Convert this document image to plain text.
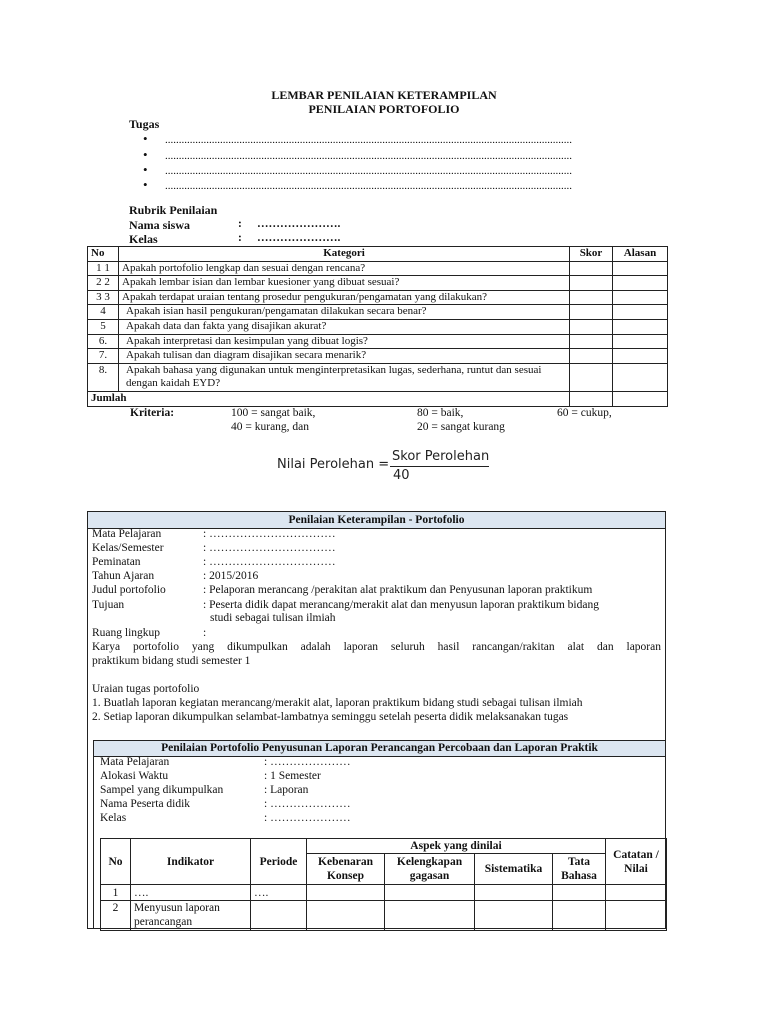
LEMBAR PENILAIAN KETERAMPILAN
PENILAIAN PORTOFOLIO
Tugas
• ....................................................................................................................................................
• ....................................................................................................................................................
• ....................................................................................................................................................
• ....................................................................................................................................................
Rubrik Penilaian
Nama siswa	: ………………….
Kelas	: ………………….
No	Kategori	Skor	Alasan
1 1	Apakah portofolio lengkap dan sesuai dengan rencana?		
2 2	Apakah lembar isian dan lembar kuesioner yang dibuat sesuai?		
3 3	Apakah terdapat uraian tentang prosedur pengukuran/pengamatan yang dilakukan?		
4	Apakah isian hasil pengukuran/pengamatan dilakukan secara benar?		
5	Apakah data dan fakta yang disajikan akurat?		
6.	Apakah interpretasi dan kesimpulan yang dibuat logis?		
7.	Apakah tulisan dan diagram disajikan secara menarik?		
8.	Apakah bahasa yang digunakan untuk menginterpretasikan lugas, sederhana, runtut dan sesuai dengan kaidah EYD?		
Jumlah			
Kriteria:	100 = sangat baik,	80 = baik,	60 = cukup,
40 = kurang, dan	20 = sangat kurang
Nilai Perolehan =
Skor Perolehan
40
Penilaian Keterampilan - Portofolio
Mata Pelajaran	: ……………………………
Kelas/Semester	: ……………………………
Peminatan	: ……………………………
Tahun Ajaran	: 2015/2016
Judul portofolio	: Pelaporan merancang /perakitan alat praktikum dan Penyusunan laporan praktikum
Tujuan	: Peserta didik dapat merancang/merakit alat dan menyusun laporan praktikum bidang
studi sebagai tulisan ilmiah
Ruang lingkup	:
Karya portofolio yang dikumpulkan adalah laporan seluruh hasil rancangan/rakitan alat dan laporan
praktikum bidang studi semester 1
Uraian tugas portofolio
1. Buatlah laporan kegiatan merancang/merakit alat, laporan praktikum bidang studi sebagai tulisan ilmiah
2. Setiap laporan dikumpulkan selambat-lambatnya seminggu setelah peserta didik melaksanakan tugas
Penilaian Portofolio Penyusunan Laporan Perancangan Percobaan dan Laporan Praktik
Mata Pelajaran	: …………………
Alokasi Waktu	: 1 Semester
Sampel yang dikumpulkan	: Laporan
Nama Peserta didik	: …………………
Kelas	: …………………
No	Indikator	Periode	Aspek yang dinilai				Catatan / Nilai
			Kebenaran Konsep	Kelengkapan gagasan	Sistematika	Tata Bahasa	
1	….	….					
2	Menyusun laporan perancangan						
